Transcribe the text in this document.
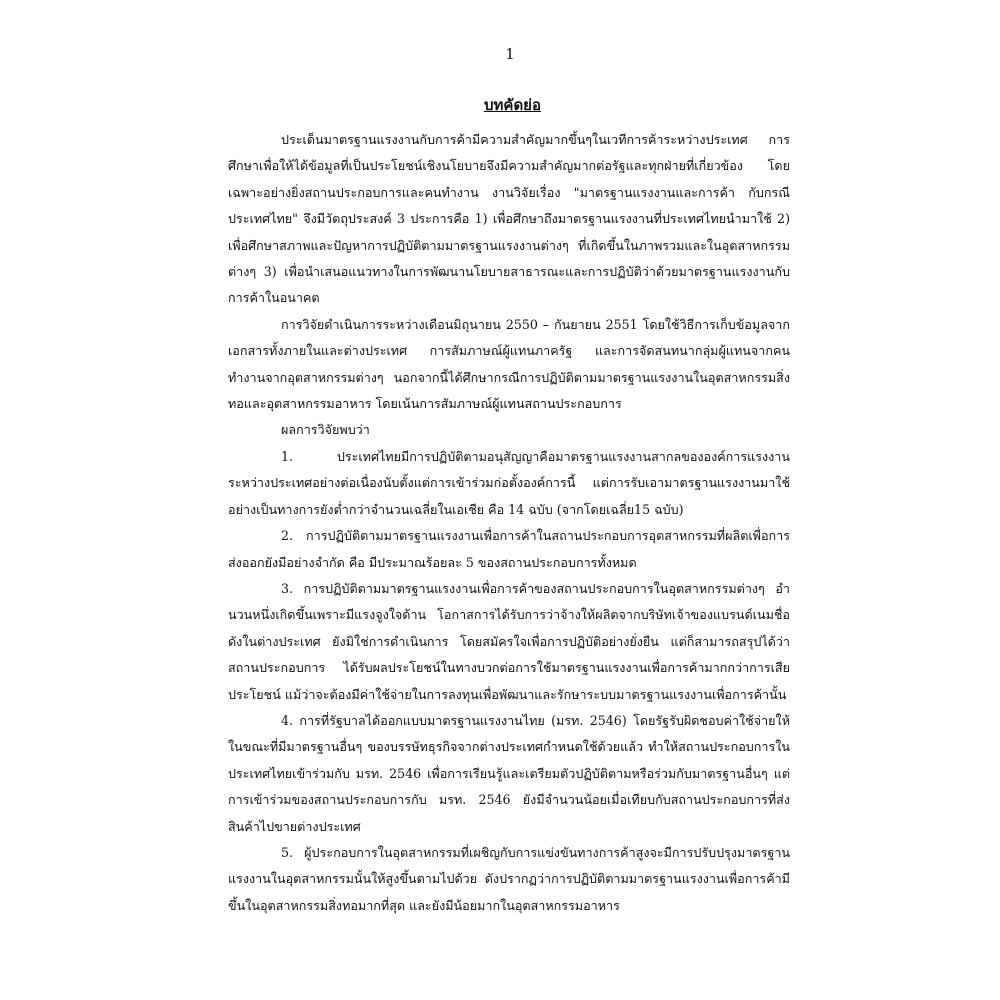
1
บทคัดย่อ

ประเด็นมาตรฐานแรงงานกับการค้ามีความสำคัญมากขึ้นๆในเวทีการค้าระหว่างประเทศ การศึกษาเพื่อให้ได้ข้อมูลที่เป็นประโยชน์เชิงนโยบายจึงมีความสำคัญมากต่อรัฐและทุกฝ่ายที่เกี่ยวข้อง โดยเฉพาะอย่างยิ่งสถานประกอบการและคนทำงาน งานวิจัยเรื่อง "มาตรฐานแรงงานและการค้า กับกรณีประเทศไทย" จึงมีวัตถุประสงค์ 3 ประการคือ 1) เพื่อศึกษาถึงมาตรฐานแรงงานที่ประเทศไทยนำมาใช้ 2) เพื่อศึกษาสภาพและปัญหาการปฏิบัติตามมาตรฐานแรงงานต่างๆ ที่เกิดขึ้นในภาพรวมและในอุตสาหกรรมต่างๆ 3) เพื่อนำเสนอแนวทางในการพัฒนานโยบายสาธารณะและการปฏิบัติว่าด้วยมาตรฐานแรงงานกับการค้าในอนาคต

การวิจัยดำเนินการระหว่างเดือนมิถุนายน 2550 – กันยายน 2551 โดยใช้วิธีการเก็บข้อมูลจากเอกสารทั้งภายในและต่างประเทศ การสัมภาษณ์ผู้แทนภาครัฐ และการจัดสนทนากลุ่มผู้แทนจากคนทำงานจากอุตสาหกรรมต่างๆ นอกจากนี้ได้ศึกษากรณีการปฏิบัติตามมาตรฐานแรงงานในอุตสาหกรรมสิ่งทอและอุตสาหกรรมอาหาร โดยเน้นการสัมภาษณ์ผู้แทนสถานประกอบการ

ผลการวิจัยพบว่า

1. ประเทศไทยมีการปฏิบัติตามอนุสัญญาคือมาตรฐานแรงงานสากลขององค์การแรงงานระหว่างประเทศอย่างต่อเนื่องนับตั้งแต่การเข้าร่วมก่อตั้งองค์การนี้ แต่การรับเอามาตรฐานแรงงานมาใช้อย่างเป็นทางการยังต่ำกว่าจำนวนเฉลี่ยในเอเชีย คือ 14 ฉบับ (จากโดยเฉลี่ย15 ฉบับ)

2. การปฏิบัติตามมาตรฐานแรงงานเพื่อการค้าในสถานประกอบการอุตสาหกรรมที่ผลิตเพื่อการส่งออกยังมีอย่างจำกัด คือ มีประมาณร้อยละ 5 ของสถานประกอบการทั้งหมด

3. การปฏิบัติตามมาตรฐานแรงงานเพื่อการค้าของสถานประกอบการในอุตสาหกรรมต่างๆ อำนวนหนึ่งเกิดขึ้นเพราะมีแรงจูงใจด้าน โอกาสการได้รับการว่าจ้างให้ผลิตจากบริษัทเจ้าของแบรนด์เนมชื่อดังในต่างประเทศ ยังมิใช่การดำเนินการ โดยสมัครใจเพื่อการปฏิบัติอย่างยั่งยืน แต่ก็สามารถสรุปได้ว่าสถานประกอบการ ได้รับผลประโยชน์ในทางบวกต่อการใช้มาตรฐานแรงงานเพื่อการค้ามากกว่าการเสียประโยชน์ แม้ว่าจะต้องมีค่าใช้จ่ายในการลงทุนเพื่อพัฒนาและรักษาระบบมาตรฐานแรงงานเพื่อการค้านั้น

4. การที่รัฐบาลได้ออกแบบมาตรฐานแรงงานไทย (มรท. 2546) โดยรัฐรับผิดชอบค่าใช้จ่ายให้ในขณะที่มีมาตรฐานอื่นๆ ของบรรษัทธุรกิจจากต่างประเทศกำหนดใช้ด้วยแล้ว ทำให้สถานประกอบการในประเทศไทยเข้าร่วมกับ มรท. 2546 เพื่อการเรียนรู้และเตรียมตัวปฏิบัติตามหรือร่วมกับมาตรฐานอื่นๆ แต่การเข้าร่วมของสถานประกอบการกับ มรท. 2546 ยังมีจำนวนน้อยเมื่อเทียบกับสถานประกอบการที่ส่งสินค้าไปขายต่างประเทศ

5. ผู้ประกอบการในอุตสาหกรรมที่เผชิญกับการแข่งขันทางการค้าสูงจะมีการปรับปรุงมาตรฐานแรงงานในอุตสาหกรรมนั้นให้สูงขึ้นตามไปด้วย ดังปรากฏว่าการปฏิบัติตามมาตรฐานแรงงานเพื่อการค้ามีขึ้นในอุตสาหกรรมสิ่งทอมากที่สุด และยังมีน้อยมากในอุตสาหกรรมอาหาร
